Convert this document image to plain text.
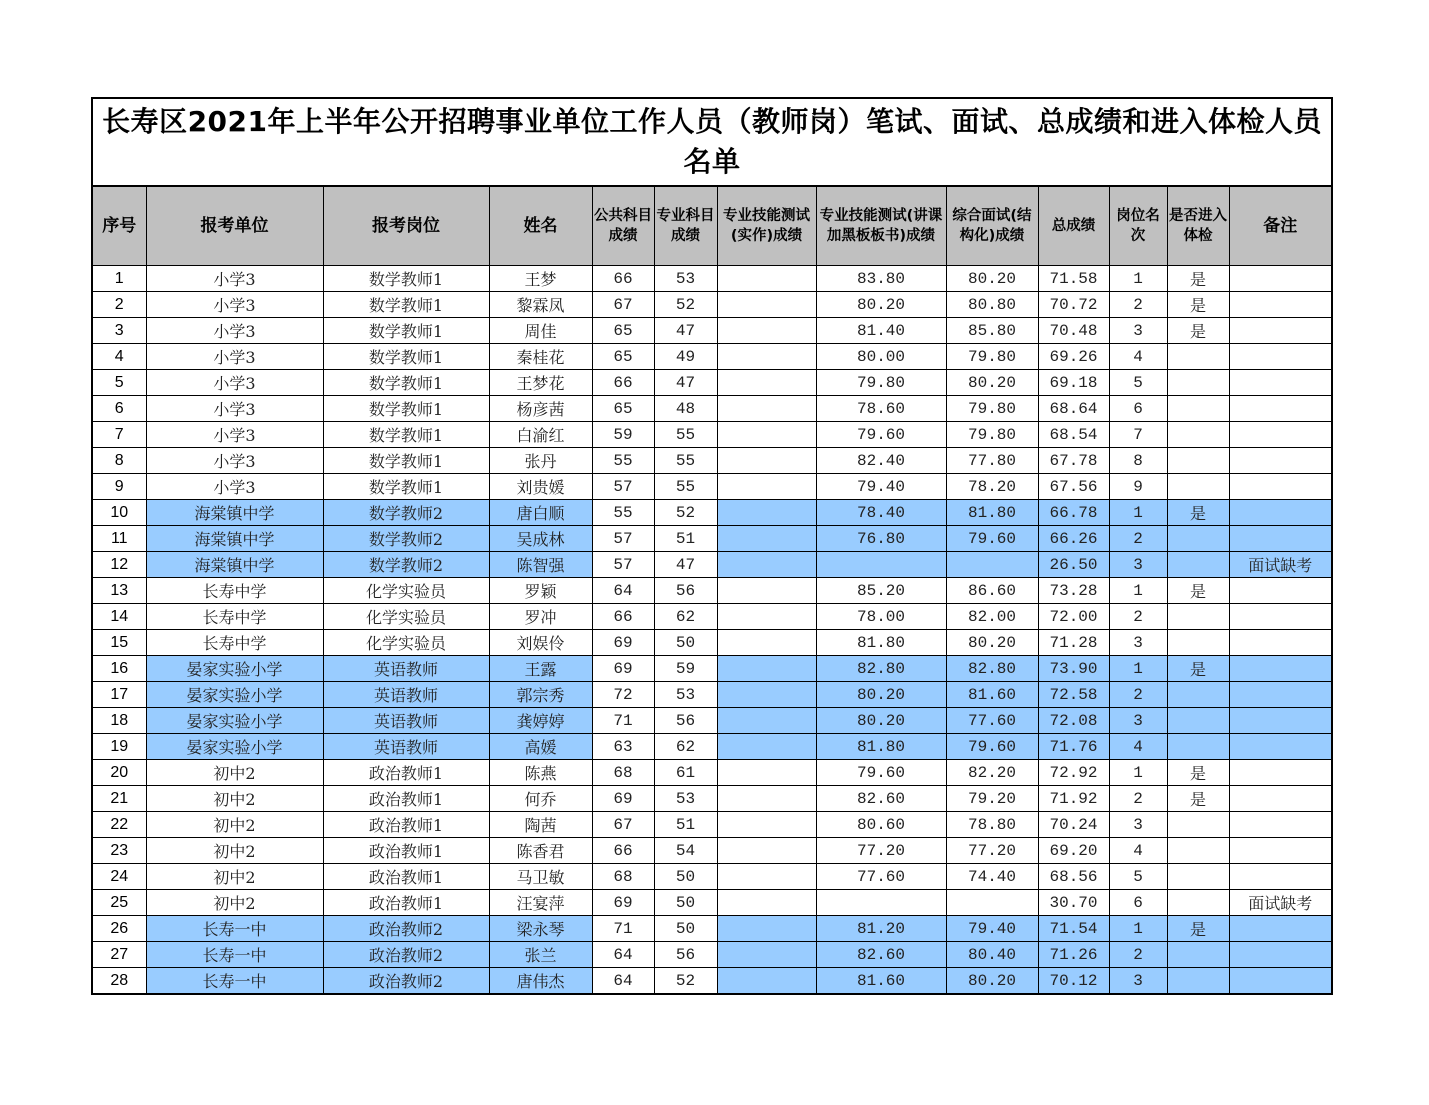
长寿区2021年上半年公开招聘事业单位工作人员（教师岗）笔试、面试、总成绩和进入体检人员名单												
序号	报考单位	报考岗位	姓名	公共科目成绩	专业科目成绩	专业技能测试(实作)成绩	专业技能测试(讲课加黑板板书)成绩	综合面试(结构化)成绩	总成绩	岗位名次	是否进入体检	备注
1	小学3	数学教师1	王梦	66	53		83.80	80.20	71.58	1	是	
2	小学3	数学教师1	黎霖凤	67	52		80.20	80.80	70.72	2	是	
3	小学3	数学教师1	周佳	65	47		81.40	85.80	70.48	3	是	
4	小学3	数学教师1	秦桂花	65	49		80.00	79.80	69.26	4		
5	小学3	数学教师1	王梦花	66	47		79.80	80.20	69.18	5		
6	小学3	数学教师1	杨彦茜	65	48		78.60	79.80	68.64	6		
7	小学3	数学教师1	白渝红	59	55		79.60	79.80	68.54	7		
8	小学3	数学教师1	张丹	55	55		82.40	77.80	67.78	8		
9	小学3	数学教师1	刘贵媛	57	55		79.40	78.20	67.56	9		
10	海棠镇中学	数学教师2	唐白顺	55	52		78.40	81.80	66.78	1	是	
11	海棠镇中学	数学教师2	吴成林	57	51		76.80	79.60	66.26	2		
12	海棠镇中学	数学教师2	陈智强	57	47				26.50	3		面试缺考
13	长寿中学	化学实验员	罗颖	64	56		85.20	86.60	73.28	1	是	
14	长寿中学	化学实验员	罗冲	66	62		78.00	82.00	72.00	2		
15	长寿中学	化学实验员	刘娱伶	69	50		81.80	80.20	71.28	3		
16	晏家实验小学	英语教师	王露	69	59		82.80	82.80	73.90	1	是	
17	晏家实验小学	英语教师	郭宗秀	72	53		80.20	81.60	72.58	2		
18	晏家实验小学	英语教师	龚婷婷	71	56		80.20	77.60	72.08	3		
19	晏家实验小学	英语教师	高媛	63	62		81.80	79.60	71.76	4		
20	初中2	政治教师1	陈燕	68	61		79.60	82.20	72.92	1	是	
21	初中2	政治教师1	何乔	69	53		82.60	79.20	71.92	2	是	
22	初中2	政治教师1	陶茜	67	51		80.60	78.80	70.24	3		
23	初中2	政治教师1	陈香君	66	54		77.20	77.20	69.20	4		
24	初中2	政治教师1	马卫敏	68	50		77.60	74.40	68.56	5		
25	初中2	政治教师1	汪宴萍	69	50				30.70	6		面试缺考
26	长寿一中	政治教师2	梁永琴	71	50		81.20	79.40	71.54	1	是	
27	长寿一中	政治教师2	张兰	64	56		82.60	80.40	71.26	2		
28	长寿一中	政治教师2	唐伟杰	64	52		81.60	80.20	70.12	3		
